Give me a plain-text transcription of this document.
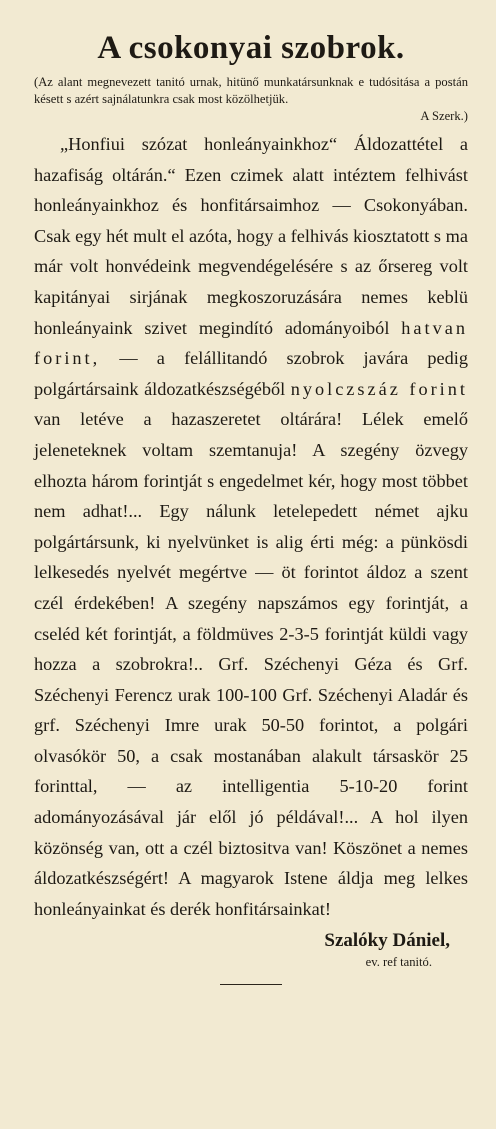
A csokonyai szobrok.

(Az alant megnevezett tanitó urnak, hitünő munkatársunknak e tudósitása a postán késett s azért sajnálatunkra csak most közölhetjük.
A Szerk.)

„Honfiui szózat honleányainkhoz“ Áldozattétel a hazafiság oltárán.“ Ezen czimek alatt intéztem felhivást honleányainkhoz és honfitársaimhoz — Csokonyában. Csak egy hét mult el azóta, hogy a felhivás kiosztatott s ma már volt honvédeink megvendégelésére s az őrsereg volt kapitányai sirjának megkoszoruzására nemes keblü honleányaink szivet megindító adományoiból hatvan forint, — a felállitandó szobrok javára pedig polgártársaink áldozatkészségéből nyolczszáz forint van letéve a hazaszeretet oltárára! Lélek emelő jeleneteknek voltam szemtanuja! A szegény özvegy elhozta három forintját s engedelmet kér, hogy most többet nem adhat!... Egy nálunk letelepedett német ajku polgártársunk, ki nyelvünket is alig érti még: a pünkösdi lelkesedés nyelvét megértve — öt forintot áldoz a szent czél érdekében! A szegény napszámos egy forintját, a cseléd két forintját, a földmüves 2-3-5 forintját küldi vagy hozza a szobrokra!.. Grf. Széchenyi Géza és Grf. Széchenyi Ferencz urak 100-100 Grf. Széchenyi Aladár és grf. Széchenyi Imre urak 50-50 forintot, a polgári olvasókör 50, a csak mostanában alakult társaskör 25 forinttal, — az intelligentia 5-10-20 forint adományozásával jár elől jó példával!... A hol ilyen közönség van, ott a czél biztositva van! Köszönet a nemes áldozatkészségért! A magyarok Istene áldja meg lelkes honleányainkat és derék honfitársainkat!

Szalóky Dániel,
ev. ref tanitó.
